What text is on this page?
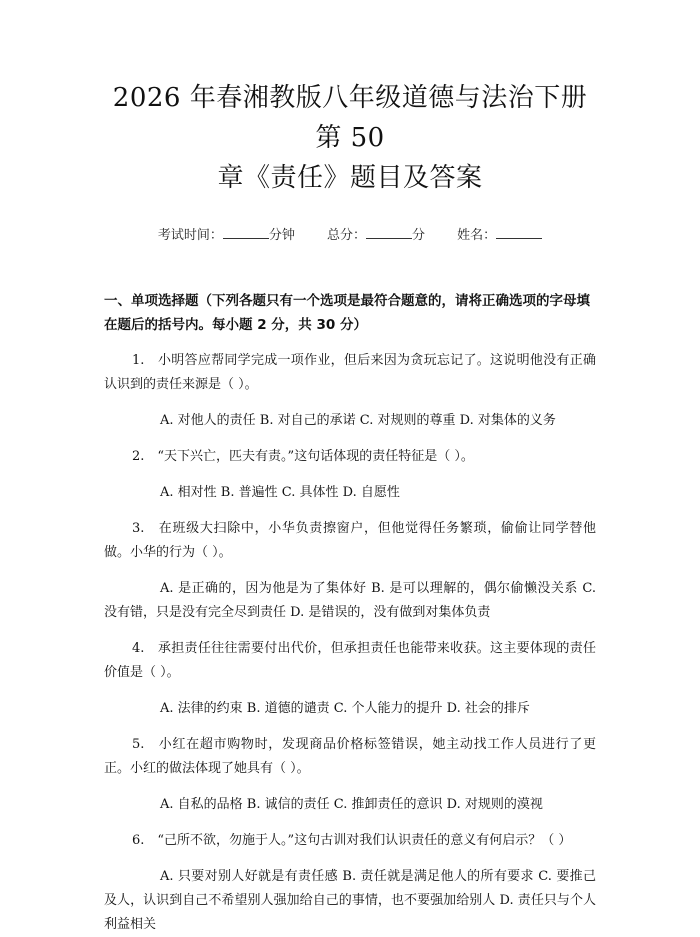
2026 年春湘教版八年级道德与法治下册第 50
章《责任》题目及答案
考试时间：	分钟 总分：	分 姓名：
一、单项选择题（下列各题只有一个选项是最符合题意的，请将正确选项的字母填在题后的括号内。每小题 2 分，共 30 分）
1.　小明答应帮同学完成一项作业，但后来因为贪玩忘记了。这说明他没有正确认识到的责任来源是（ ）。
A. 对他人的责任 B. 对自己的承诺 C. 对规则的尊重 D. 对集体的义务
2.　“天下兴亡，匹夫有责。”这句话体现的责任特征是（ ）。
A. 相对性 B. 普遍性 C. 具体性 D. 自愿性
3.　在班级大扫除中，小华负责擦窗户，但他觉得任务繁琐，偷偷让同学替他做。小华的行为（ ）。
A. 是正确的，因为他是为了集体好 B. 是可以理解的，偶尔偷懒没关系 C. 没有错，只是没有完全尽到责任 D. 是错误的，没有做到对集体负责
4.　承担责任往往需要付出代价，但承担责任也能带来收获。这主要体现的责任价值是（ ）。
A. 法律的约束 B. 道德的谴责 C. 个人能力的提升 D. 社会的排斥
5.　小红在超市购物时，发现商品价格标签错误，她主动找工作人员进行了更正。小红的做法体现了她具有（ ）。
A. 自私的品格 B. 诚信的责任 C. 推卸责任的意识 D. 对规则的漠视
6.　“己所不欲，勿施于人。”这句古训对我们认识责任的意义有何启示？（ ）
A. 只要对别人好就是有责任感 B. 责任就是满足他人的所有要求 C. 要推己及人，认识到自己不希望别人强加给自己的事情，也不要强加给别人 D. 责任只与个人利益相关
